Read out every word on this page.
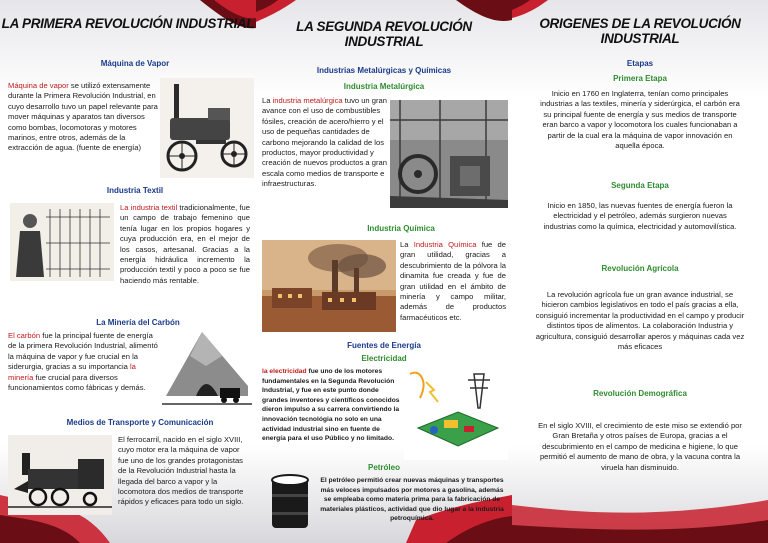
LA PRIMERA REVOLUCIÓN INDUSTRIAL
Máquina de Vapor
Máquina de vapor se utilizó extensamente durante la Primera Revolución Industrial, en cuyo desarrollo tuvo un papel relevante para mover máquinas y aparatos tan diversos como bombas, locomotoras y motores marinos, entre otros, además de la extracción de agua. (fuente de energía)
Industria Textil
La industria textil tradicionalmente, fue un campo de trabajo femenino que tenía lugar en los propios hogares y cuya producción era, en el mejor de los casos, artesanal. Gracias a la energía hidráulica incremento la producción textil y poco a poco se fue haciendo más rentable.
La Minería del Carbón
El carbón fue la principal fuente de energía de la primera Revolución Industrial, alimentó la máquina de vapor y fue crucial en la siderurgia, gracias a su importancia la minería fue crucial para diversos funcionamientos como fábricas y demás.
Medios de Transporte y Comunicación
El ferrocarril, nacido en el siglo XVIII, cuyo motor era la máquina de vapor fue uno de los grandes protagonistas de la Revolución Industrial hasta la llegada del barco a vapor y la locomotora dos medios de transporte rápidos y eficaces para todo un siglo.
LA SEGUNDA REVOLUCIÓN INDUSTRIAL
Industrias Metalúrgicas y Químicas
Industria Metalúrgica
La industria metalúrgica tuvo un gran avance con el uso de combustibles fósiles, creación de acero/hierro y el uso de pequeñas cantidades de carbono mejorando la calidad de los productos, mayor productividad y creación de nuevos productos a gran escala como medios de transporte e infraestructuras.
Industria Química
La Industria Química fue de gran utilidad, gracias a descubrimiento de la pólvora la dinamita fue creada y fue de gran utilidad en el ámbito de minería y campo militar, además de productos farmacéuticos etc.
Fuentes de Energía
Electricidad
la electricidad fue uno de los motores fundamentales en la Segunda Revolución Industrial, y fue en este punto donde grandes inventores y científicos conocidos dieron impulso a su carrera convirtiendo la innovación tecnológia no solo en una actividad industrial sino en fuente de energía para el uso Público y no limitado.
Petróleo
El petróleo permitió crear nuevas máquinas y transportes más veloces impulsados por motores a gasolina, además se empleaba como materia prima para la fabricación de materiales plásticos, actividad que dio lugar a la industria petroquímica.
ORIGENES DE LA REVOLUCIÓN INDUSTRIAL
Etapas
Primera Etapa
Inicio en 1760 en Inglaterra, tenían como principales industrias a las textiles, minería y siderúrgica, el carbón era su principal fuente de energía y sus medios de transporte eran barco a vapor y locomotora los cuales funcionaban a partir de la cual era la máquina de vapor innovación en aquella época.
Segunda Etapa
Inicio en 1850, las nuevas fuentes de energía fueron la electricidad y el petróleo, además surgieron nuevas industrias como la química, electricidad y automovilística.
Revolución Agrícola
La revolución agrícola fue un gran avance industrial, se hicieron cambios legislativos en todo el país gracias a ella, consiguió incrementar la productividad en el campo y producir distintos tipos de alimentos. La colaboración Industria y agricultura, consiguió desarrollar aperos y máquinas cada vez más eficaces
Revolución Demográfica
En el siglo XVIII, el crecimiento de este miso se extendió por Gran Bretaña y otros países de Europa, gracias a el descubrimiento en el campo de medicina e higiene, lo que permitió el aumento de mano de obra, y la vacuna contra la viruela han disminuido.
